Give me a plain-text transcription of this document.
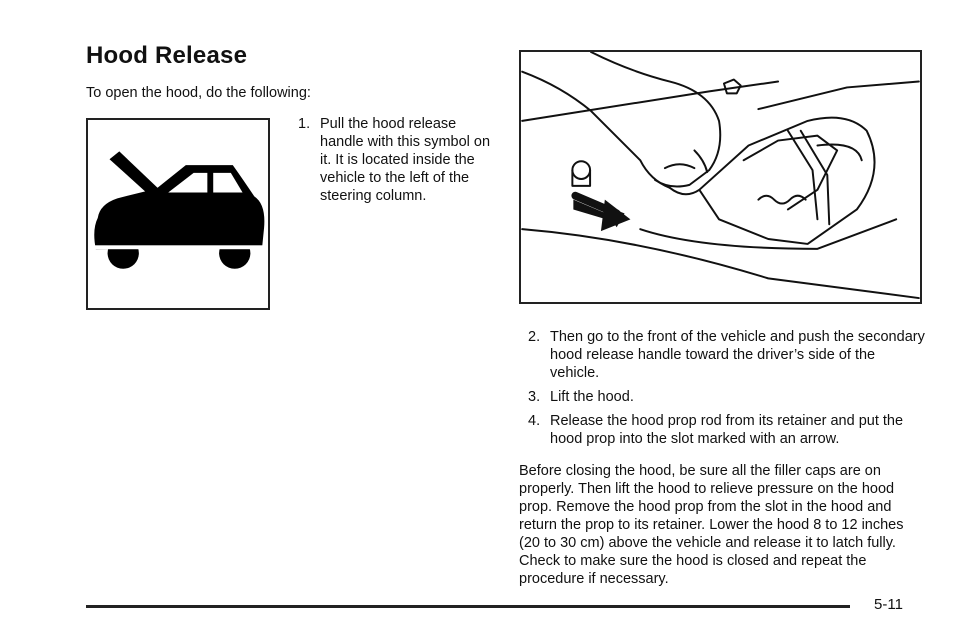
Hood Release
To open the hood, do the following:
1. Pull the hood release handle with this symbol on it. It is located inside the vehicle to the left of the steering column.
2. Then go to the front of the vehicle and push the secondary hood release handle toward the driver’s side of the vehicle.
3. Lift the hood.
4. Release the hood prop rod from its retainer and put the hood prop into the slot marked with an arrow.
Before closing the hood, be sure all the filler caps are on properly. Then lift the hood to relieve pressure on the hood prop. Remove the hood prop from the slot in the hood and return the prop to its retainer. Lower the hood 8 to 12 inches (20 to 30 cm) above the vehicle and release it to latch fully. Check to make sure the hood is closed and repeat the procedure if necessary.
5-11
